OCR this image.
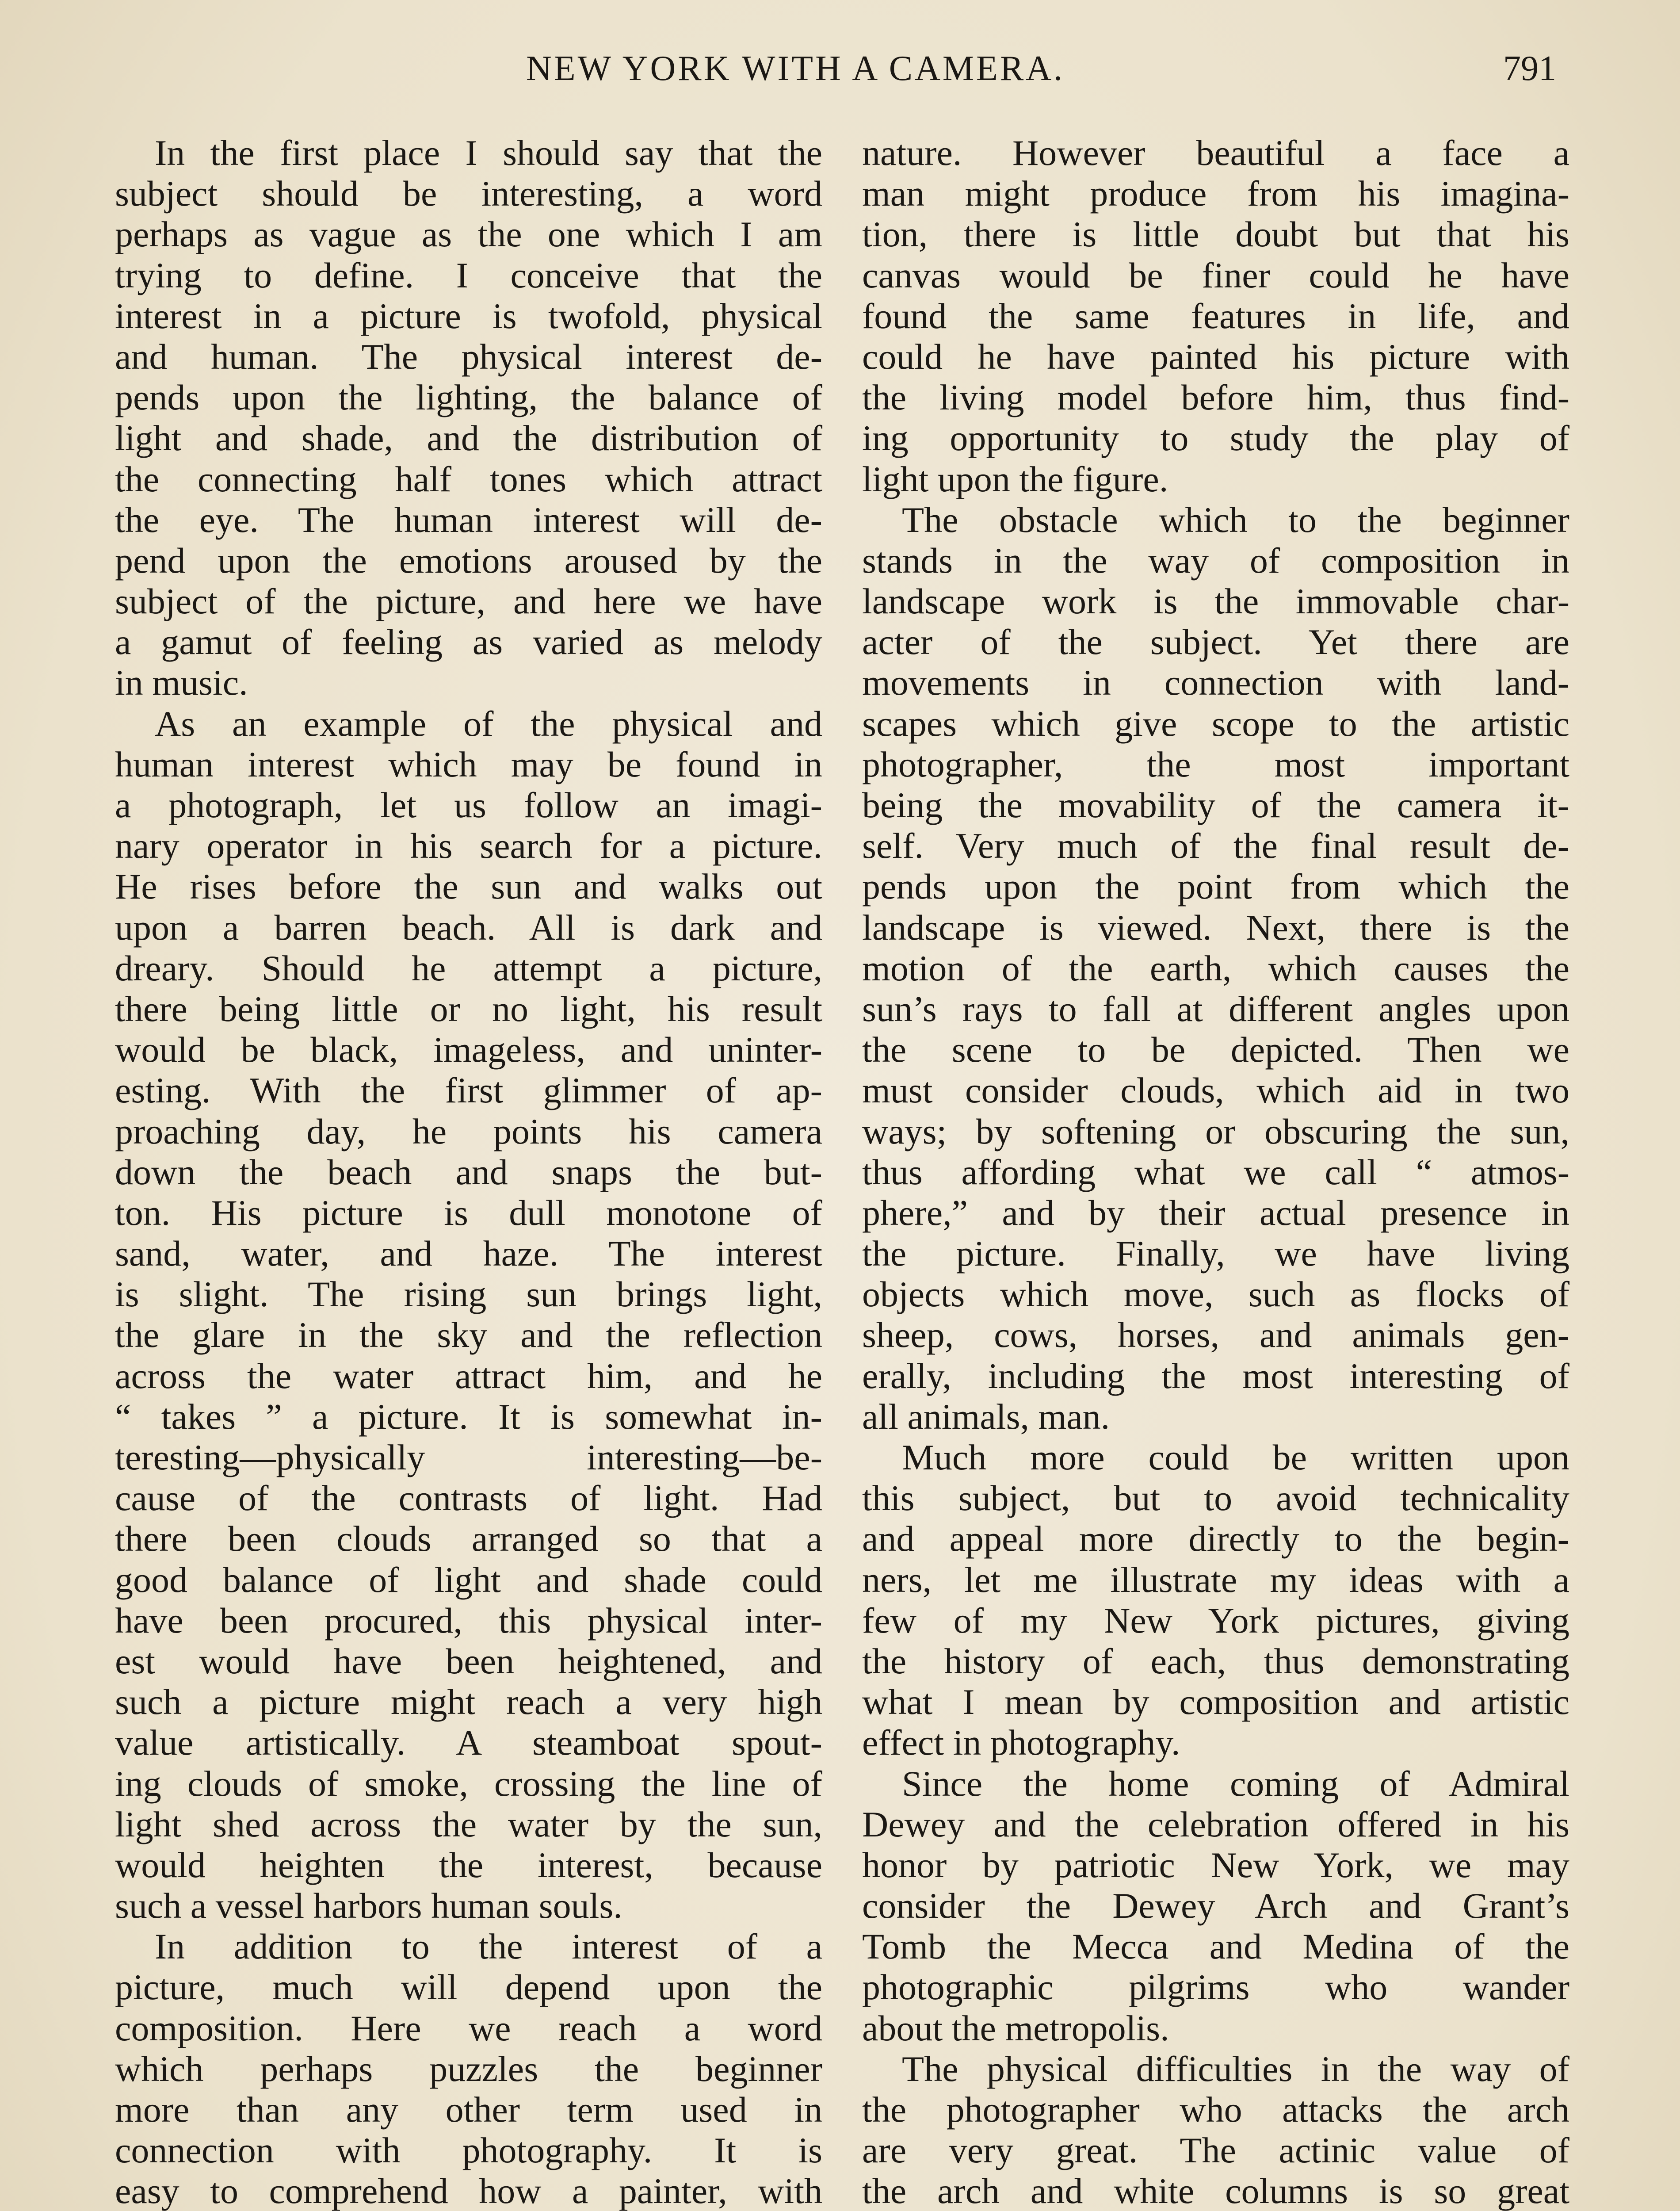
NEW YORK WITH A CAMERA.	791
In the first place I should say that the
subject should be interesting, a word
perhaps as vague as the one which I am
trying to define. I conceive that the
interest in a picture is twofold, physical
and human. The physical interest de-
pends upon the lighting, the balance of
light and shade, and the distribution of
the connecting half tones which attract
the eye. The human interest will de-
pend upon the emotions aroused by the
subject of the picture, and here we have
a gamut of feeling as varied as melody
in music.
As an example of the physical and
human interest which may be found in
a photograph, let us follow an imagi-
nary operator in his search for a picture.
He rises before the sun and walks out
upon a barren beach. All is dark and
dreary. Should he attempt a picture,
there being little or no light, his result
would be black, imageless, and uninter-
esting. With the first glimmer of ap-
proaching day, he points his camera
down the beach and snaps the but-
ton. His picture is dull monotone of
sand, water, and haze. The interest
is slight. The rising sun brings light,
the glare in the sky and the reflection
across the water attract him, and he
“ takes ” a picture. It is somewhat in-
teresting—physically interesting—be-
cause of the contrasts of light. Had
there been clouds arranged so that a
good balance of light and shade could
have been procured, this physical inter-
est would have been heightened, and
such a picture might reach a very high
value artistically. A steamboat spout-
ing clouds of smoke, crossing the line of
light shed across the water by the sun,
would heighten the interest, because
such a vessel harbors human souls.
In addition to the interest of a
picture, much will depend upon the
composition. Here we reach a word
which perhaps puzzles the beginner
more than any other term used in
connection with photography. It is
easy to comprehend how a painter, with
nature. However beautiful a face a
man might produce from his imagina-
tion, there is little doubt but that his
canvas would be finer could he have
found the same features in life, and
could he have painted his picture with
the living model before him, thus find-
ing opportunity to study the play of
light upon the figure.
The obstacle which to the beginner
stands in the way of composition in
landscape work is the immovable char-
acter of the subject. Yet there are
movements in connection with land-
scapes which give scope to the artistic
photographer, the most important
being the movability of the camera it-
self. Very much of the final result de-
pends upon the point from which the
landscape is viewed. Next, there is the
motion of the earth, which causes the
sun’s rays to fall at different angles upon
the scene to be depicted. Then we
must consider clouds, which aid in two
ways; by softening or obscuring the sun,
thus affording what we call “ atmos-
phere,” and by their actual presence in
the picture. Finally, we have living
objects which move, such as flocks of
sheep, cows, horses, and animals gen-
erally, including the most interesting of
all animals, man.
Much more could be written upon
this subject, but to avoid technicality
and appeal more directly to the begin-
ners, let me illustrate my ideas with a
few of my New York pictures, giving
the history of each, thus demonstrating
what I mean by composition and artistic
effect in photography.
Since the home coming of Admiral
Dewey and the celebration offered in his
honor by patriotic New York, we may
consider the Dewey Arch and Grant’s
Tomb the Mecca and Medina of the
photographic pilgrims who wander
about the metropolis.
The physical difficulties in the way of
the photographer who attacks the arch
are very great. The actinic value of
the arch and white columns is so great
